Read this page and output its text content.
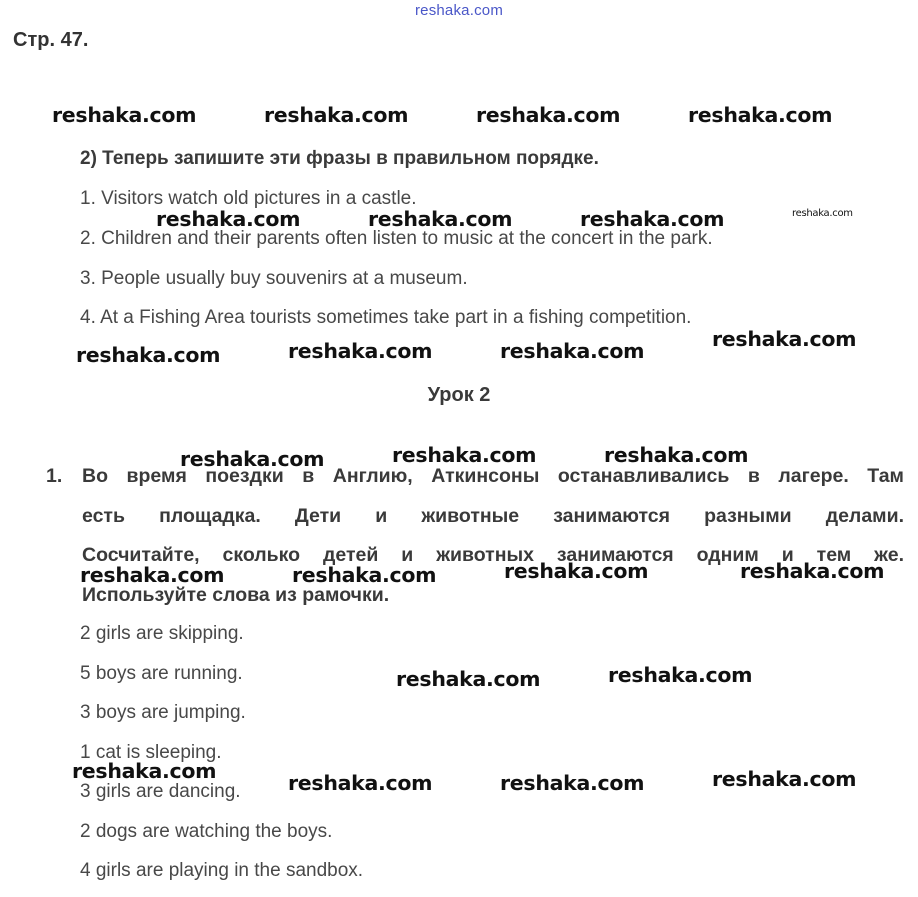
reshaka.com
Стр. 47.
2) Теперь запишите эти фразы в правильном порядке.
1. Visitors watch old pictures in a castle.
2. Children and their parents often listen to music at the concert in the park.
3. People usually buy souvenirs at a museum.
4. At a Fishing Area tourists sometimes take part in a fishing competition.
Урок 2
1. Во время поездки в Англию, Аткинсоны останавливались в лагере. Там
есть площадка. Дети и животные занимаются разными делами.
Сосчитайте, сколько детей и животных занимаются одним и тем же.
Используйте слова из рамочки.
2 girls are skipping.
5 boys are running.
3 boys are jumping.
1 cat is sleeping.
3 girls are dancing.
2 dogs are watching the boys.
4 girls are playing in the sandbox.
reshaka.com	reshaka.com	reshaka.com	reshaka.com
reshaka.com	reshaka.com	reshaka.com	reshaka.com
reshaka.com	reshaka.com	reshaka.com	reshaka.com
reshaka.com	reshaka.com	reshaka.com
reshaka.com	reshaka.com	reshaka.com	reshaka.com
reshaka.com	reshaka.com
reshaka.com	reshaka.com	reshaka.com	reshaka.com
